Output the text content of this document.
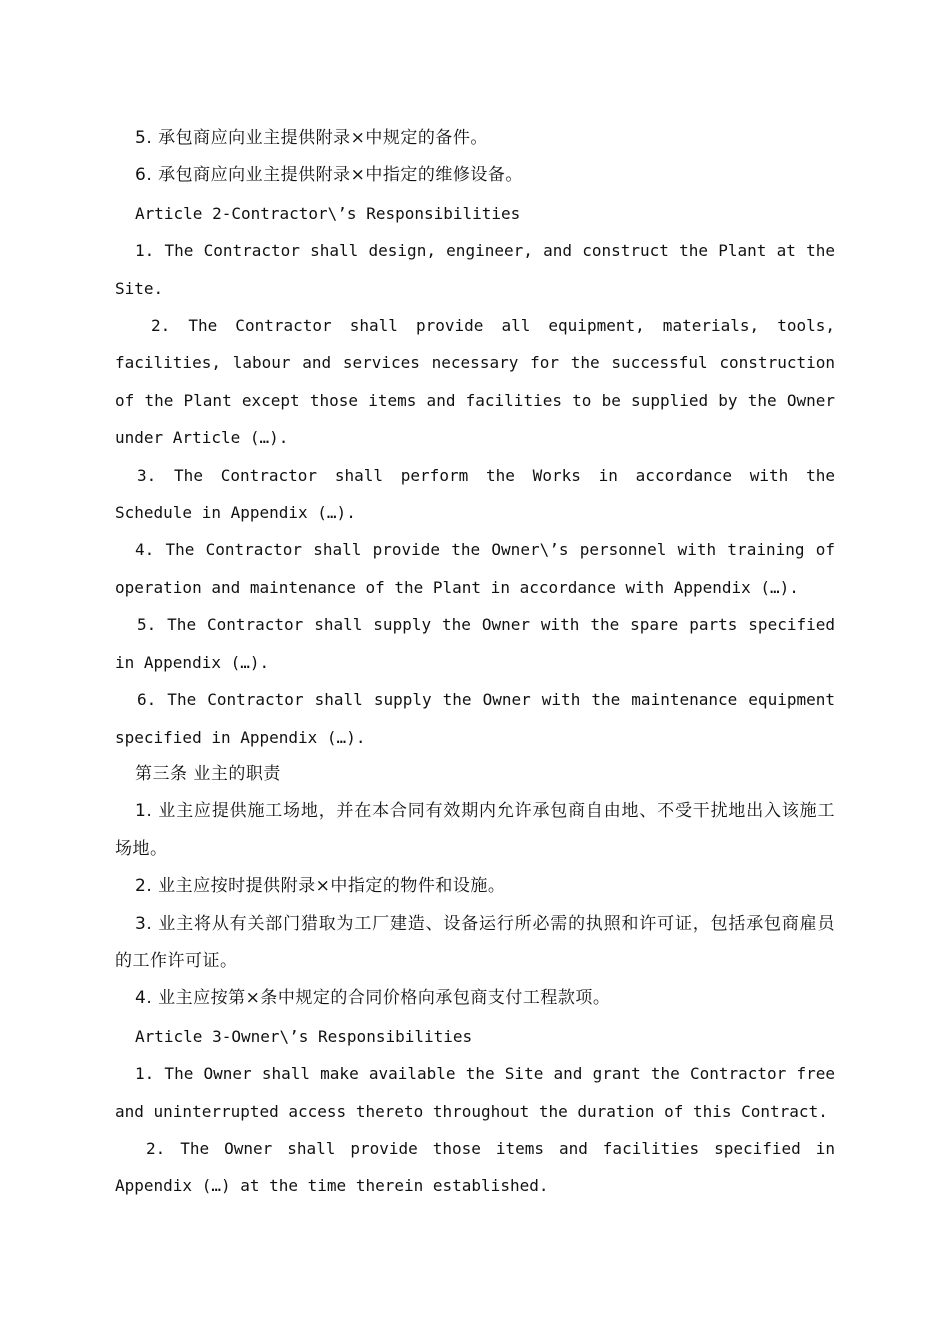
5. 承包商应向业主提供附录×中规定的备件。

6. 承包商应向业主提供附录×中指定的维修设备。

Article 2-Contractor\’s Responsibilities

1. The Contractor shall design, engineer, and construct the Plant at the Site.

2. The Contractor shall provide all equipment, materials, tools, facilities, labour and services necessary for the successful construction of the Plant except those items and facilities to be supplied by the Owner under Article (…).

3. The Contractor shall perform the Works in accordance with the Schedule in Appendix (…).

4. The Contractor shall provide the Owner\’s personnel with training of operation and maintenance of the Plant in accordance with Appendix (…).

5. The Contractor shall supply the Owner with the spare parts specified in Appendix (…).

6. The Contractor shall supply the Owner with the maintenance equipment specified in Appendix (…).

第三条 业主的职责

1. 业主应提供施工场地，并在本合同有效期内允许承包商自由地、不受干扰地出入该施工场地。

2. 业主应按时提供附录×中指定的物件和设施。

3. 业主将从有关部门猎取为工厂建造、设备运行所必需的执照和许可证，包括承包商雇员的工作许可证。

4. 业主应按第×条中规定的合同价格向承包商支付工程款项。

Article 3-Owner\’s Responsibilities

1. The Owner shall make available the Site and grant the Contractor free and uninterrupted access thereto throughout the duration of this Contract.

2. The Owner shall provide those items and facilities specified in Appendix (…) at the time therein established.
